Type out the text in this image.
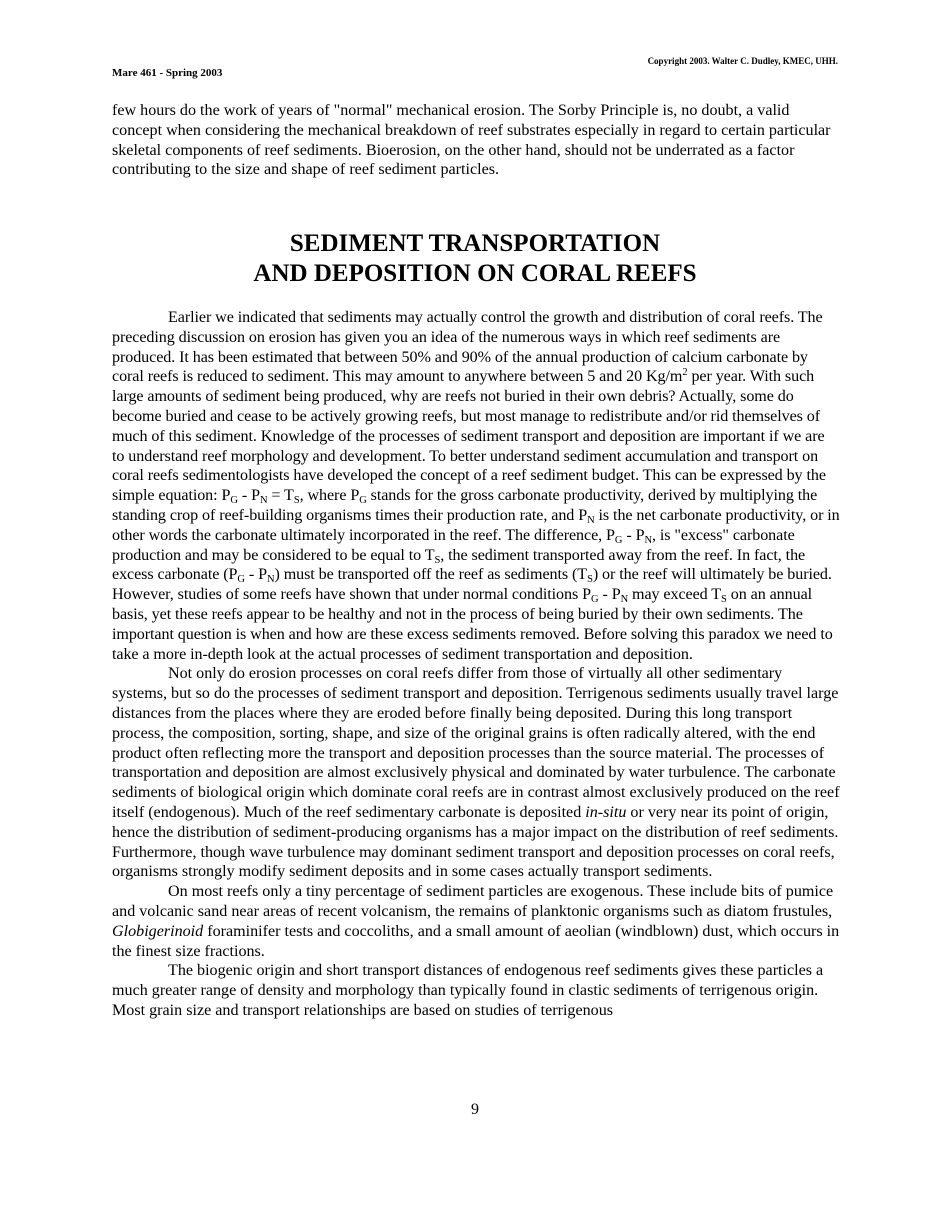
Copyright 2003. Walter C. Dudley, KMEC, UHH.
Mare 461 - Spring 2003
few hours do the work of years of "normal" mechanical erosion. The Sorby Principle is, no doubt, a valid concept when considering the mechanical breakdown of reef substrates especially in regard to certain particular skeletal components of reef sediments. Bioerosion, on the other hand, should not be underrated as a factor contributing to the size and shape of reef sediment particles.
SEDIMENT TRANSPORTATION
AND DEPOSITION ON CORAL REEFS

Earlier we indicated that sediments may actually control the growth and distribution of coral reefs. The preceding discussion on erosion has given you an idea of the numerous ways in which reef sediments are produced. It has been estimated that between 50% and 90% of the annual production of calcium carbonate by coral reefs is reduced to sediment. This may amount to anywhere between 5 and 20 $Kg/m^2$ per year. With such large amounts of sediment being produced, why are reefs not buried in their own debris? Actually, some do become buried and cease to be actively growing reefs, but most manage to redistribute and/or rid themselves of much of this sediment. Knowledge of the processes of sediment transport and deposition are important if we are to understand reef morphology and development. To better understand sediment accumulation and transport on coral reefs sedimentologists have developed the concept of a reef sediment budget. This can be expressed by the simple equation: $P_G - P_N = T_S$, where $P_G$ stands for the gross carbonate productivity, derived by multiplying the standing crop of reef-building organisms times their production rate, and $P_N$ is the net carbonate productivity, or in other words the carbonate ultimately incorporated in the reef. The difference, $P_G - P_N$, is "excess" carbonate production and may be considered to be equal to $T_S$, the sediment transported away from the reef. In fact, the excess carbonate $(P_G - P_N)$ must be transported off the reef as sediments $(T_S)$ or the reef will ultimately be buried. However, studies of some reefs have shown that under normal conditions $P_G - P_N$ may exceed $T_S$ on an annual basis, yet these reefs appear to be healthy and not in the process of being buried by their own sediments. The important question is when and how are these excess sediments removed. Before solving this paradox we need to take a more in-depth look at the actual processes of sediment transportation and deposition.

Not only do erosion processes on coral reefs differ from those of virtually all other sedimentary systems, but so do the processes of sediment transport and deposition. Terrigenous sediments usually travel large distances from the places where they are eroded before finally being deposited. During this long transport process, the composition, sorting, shape, and size of the original grains is often radically altered, with the end product often reflecting more the transport and deposition processes than the source material. The processes of transportation and deposition are almost exclusively physical and dominated by water turbulence. The carbonate sediments of biological origin which dominate coral reefs are in contrast almost exclusively produced on the reef itself (endogenous). Much of the reef sedimentary carbonate is deposited in-situ or very near its point of origin, hence the distribution of sediment-producing organisms has a major impact on the distribution of reef sediments. Furthermore, though wave turbulence may dominant sediment transport and deposition processes on coral reefs, organisms strongly modify sediment deposits and in some cases actually transport sediments.

On most reefs only a tiny percentage of sediment particles are exogenous. These include bits of pumice and volcanic sand near areas of recent volcanism, the remains of planktonic organisms such as diatom frustules, Globigerinoid foraminifer tests and coccoliths, and a small amount of aeolian (windblown) dust, which occurs in the finest size fractions.

The biogenic origin and short transport distances of endogenous reef sediments gives these particles a much greater range of density and morphology than typically found in clastic sediments of terrigenous origin. Most grain size and transport relationships are based on studies of terrigenous

9
